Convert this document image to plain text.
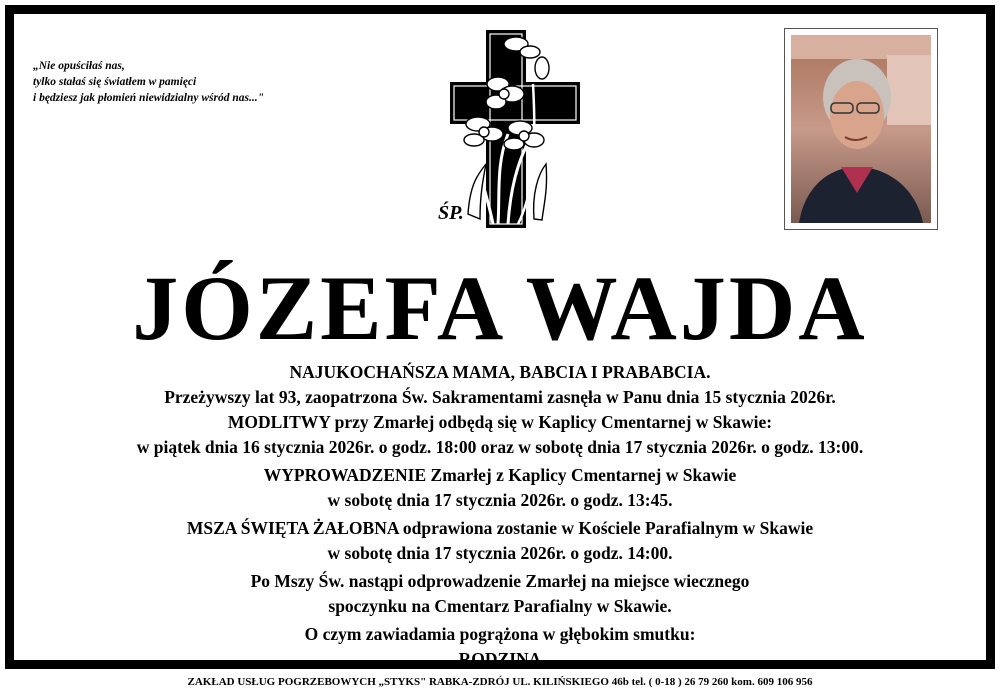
„Nie opuściłaś nas,
tylko stałaś się światłem w pamięci
i będziesz jak płomień niewidzialny wśród nas..."
ŚP.
JÓZEFA WAJDA
NAJUKOCHAŃSZA MAMA, BABCIA I PRABABCIA.
Przeżywszy lat 93, zaopatrzona Św. Sakramentami zasnęła w Panu dnia 15 stycznia 2026r.
MODLITWY przy Zmarłej odbędą się w Kaplicy Cmentarnej w Skawie:
w piątek dnia 16 stycznia 2026r. o godz. 18:00 oraz w sobotę dnia 17 stycznia 2026r. o godz. 13:00.
WYPROWADZENIE Zmarłej z Kaplicy Cmentarnej w Skawie
w sobotę dnia 17 stycznia 2026r. o godz. 13:45.
MSZA ŚWIĘTA ŻAŁOBNA odprawiona zostanie w Kościele Parafialnym w Skawie
w sobotę dnia 17 stycznia 2026r. o godz. 14:00.
Po Mszy Św. nastąpi odprowadzenie Zmarłej na miejsce wiecznego
spoczynku na Cmentarz Parafialny w Skawie.
O czym zawiadamia pogrążona w głębokim smutku:
RODZINA
ZAKŁAD USŁUG POGRZEBOWYCH „STYKS" RABKA-ZDRÓJ UL. KILIŃSKIEGO 46b tel. ( 0-18 ) 26 79 260 kom. 609 106 956
